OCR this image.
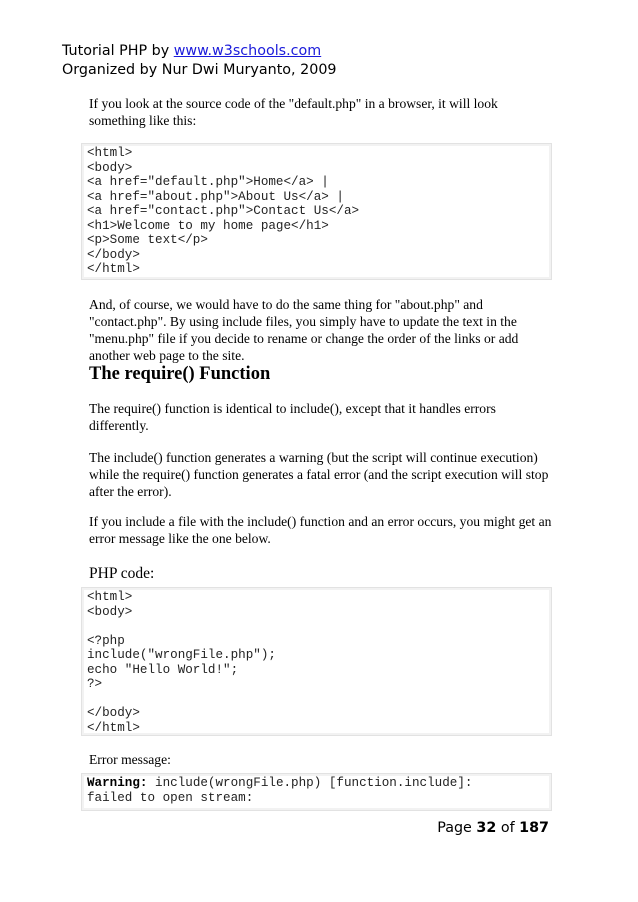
Tutorial PHP by www.w3schools.com
Organized by Nur Dwi Muryanto, 2009

If you look at the source code of the "default.php" in a browser, it will look something like this:

<html>
<body>
<a href="default.php">Home</a> |
<a href="about.php">About Us</a> |
<a href="contact.php">Contact Us</a>
<h1>Welcome to my home page</h1>
<p>Some text</p>
</body>
</html>

And, of course, we would have to do the same thing for "about.php" and "contact.php". By using include files, you simply have to update the text in the "menu.php" file if you decide to rename or change the order of the links or add another web page to the site.

The require() Function

The require() function is identical to include(), except that it handles errors differently.

The include() function generates a warning (but the script will continue execution) while the require() function generates a fatal error (and the script execution will stop after the error).

If you include a file with the include() function and an error occurs, you might get an error message like the one below.

PHP code:

<html>
<body>

<?php
include("wrongFile.php");
echo "Hello World!";
?>

</body>
</html>

Error message:

Warning: include(wrongFile.php) [function.include]:
failed to open stream:
Page 32 of 187
